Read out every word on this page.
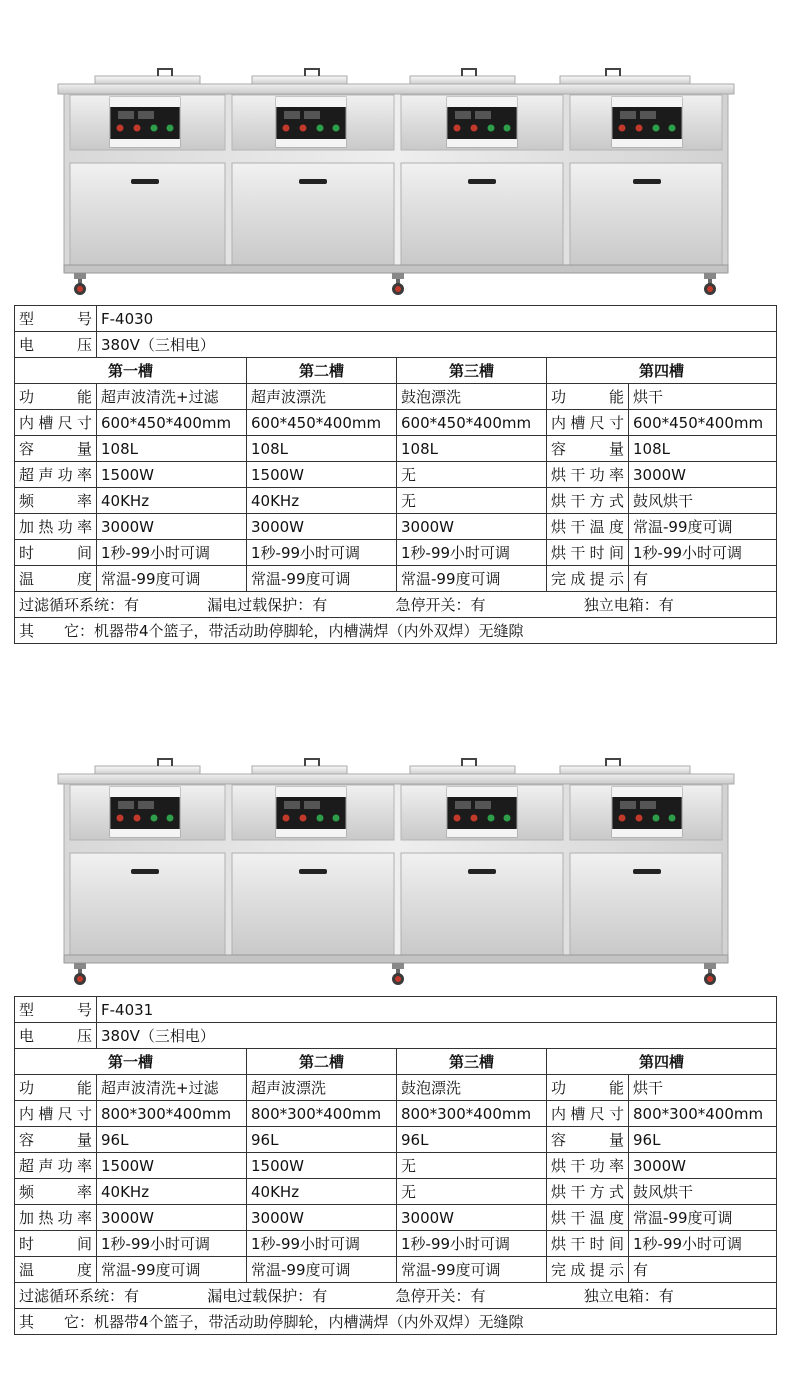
型　　号	F-4030				
电　　压	380V（三相电）				
第一槽		第二槽	第三槽	第四槽	
功　　能	超声波清洗+过滤	超声波漂洗	鼓泡漂洗	功　　能	烘干
内槽尺寸	600*450*400mm	600*450*400mm	600*450*400mm	内槽尺寸	600*450*400mm
容　　量	108L	108L	108L	容　　量	108L
超声功率	1500W	1500W	无	烘干功率	3000W
频　　率	40KHz	40KHz	无	烘干方式	鼓风烘干
加热功率	3000W	3000W	3000W	烘干温度	常温-99度可调
时　　间	1秒-99小时可调	1秒-99小时可调	1秒-99小时可调	烘干时间	1秒-99小时可调
温　　度	常温-99度可调	常温-99度可调	常温-99度可调	完成提示	有

过滤循环系统：有 漏电过载保护：有 急停开关：有 独立电箱：有					

其　　它：机器带4个篮子，带活动助停脚轮，内槽满焊（内外双焊）无缝隙					
型　　号	F-4031				
电　　压	380V（三相电）				
第一槽		第二槽	第三槽	第四槽	
功　　能	超声波清洗+过滤	超声波漂洗	鼓泡漂洗	功　　能	烘干
内槽尺寸	800*300*400mm	800*300*400mm	800*300*400mm	内槽尺寸	800*300*400mm
容　　量	96L	96L	96L	容　　量	96L
超声功率	1500W	1500W	无	烘干功率	3000W
频　　率	40KHz	40KHz	无	烘干方式	鼓风烘干
加热功率	3000W	3000W	3000W	烘干温度	常温-99度可调
时　　间	1秒-99小时可调	1秒-99小时可调	1秒-99小时可调	烘干时间	1秒-99小时可调
温　　度	常温-99度可调	常温-99度可调	常温-99度可调	完成提示	有

过滤循环系统：有 漏电过载保护：有 急停开关：有 独立电箱：有					

其　　它：机器带4个篮子，带活动助停脚轮，内槽满焊（内外双焊）无缝隙					
